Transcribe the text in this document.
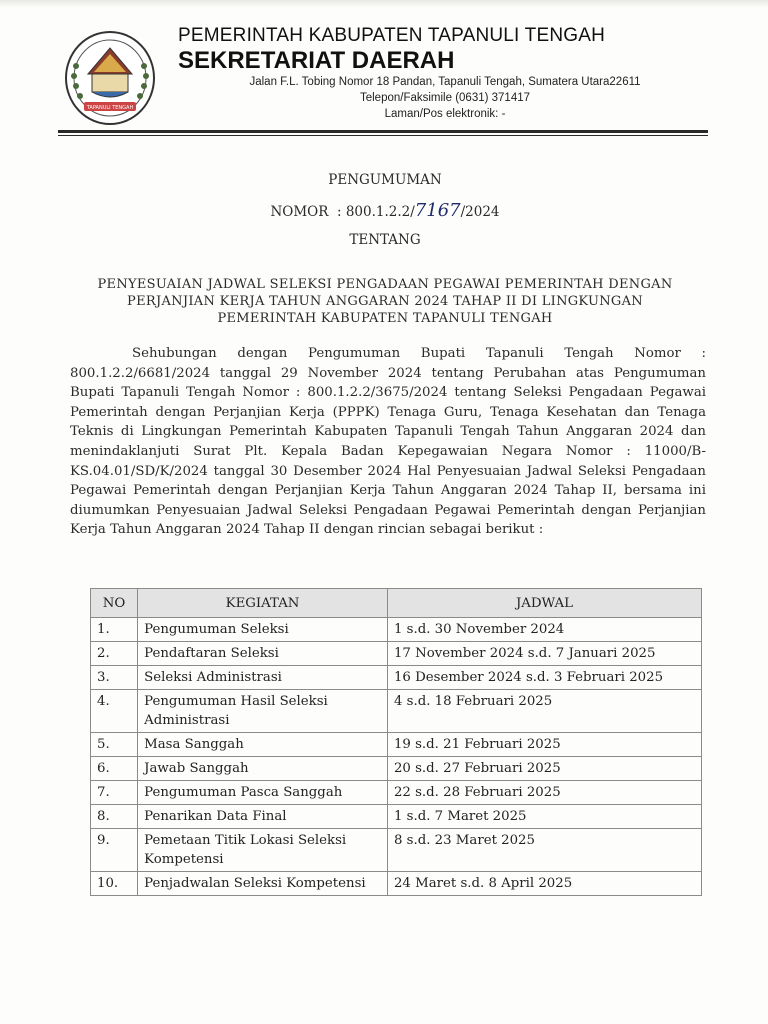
TAPANULI TENGAH
PEMERINTAH KABUPATEN TAPANULI TENGAH
SEKRETARIAT DAERAH
Jalan F.L. Tobing Nomor 18 Pandan, Tapanuli Tengah, Sumatera Utara22611
Telepon/Faksimile (0631) 371417
Laman/Pos elektronik: -
PENGUMUMAN
NOMOR  : 800.1.2.2/7167/2024
TENTANG
PENYESUAIAN JADWAL SELEKSI PENGADAAN PEGAWAI PEMERINTAH DENGAN
PERJANJIAN KERJA TAHUN ANGGARAN 2024 TAHAP II DI LINGKUNGAN
PEMERINTAH KABUPATEN TAPANULI TENGAH
Sehubungan dengan Pengumuman Bupati Tapanuli Tengah Nomor : 800.1.2.2/6681/2024 tanggal 29 November 2024 tentang Perubahan atas Pengumuman Bupati Tapanuli Tengah Nomor : 800.1.2.2/3675/2024 tentang Seleksi Pengadaan Pegawai Pemerintah dengan Perjanjian Kerja (PPPK) Tenaga Guru, Tenaga Kesehatan dan Tenaga Teknis di Lingkungan Pemerintah Kabupaten Tapanuli Tengah Tahun Anggaran 2024 dan menindaklanjuti Surat Plt. Kepala Badan Kepegawaian Negara Nomor : 11000/B-KS.04.01/SD/K/2024 tanggal 30 Desember 2024 Hal Penyesuaian Jadwal Seleksi Pengadaan Pegawai Pemerintah dengan Perjanjian Kerja Tahun Anggaran 2024 Tahap II, bersama ini diumumkan Penyesuaian Jadwal Seleksi Pengadaan Pegawai Pemerintah dengan Perjanjian Kerja Tahun Anggaran 2024 Tahap II dengan rincian sebagai berikut :
NO	KEGIATAN	JADWAL
1.	Pengumuman Seleksi	1 s.d. 30 November 2024
2.	Pendaftaran Seleksi	17 November 2024 s.d. 7 Januari 2025
3.	Seleksi Administrasi	16 Desember 2024 s.d. 3 Februari 2025
4.	Pengumuman Hasil Seleksi Administrasi	4 s.d. 18 Februari 2025
5.	Masa Sanggah	19 s.d. 21 Februari 2025
6.	Jawab Sanggah	20 s.d. 27 Februari 2025
7.	Pengumuman Pasca Sanggah	22 s.d. 28 Februari 2025
8.	Penarikan Data Final	1 s.d. 7 Maret 2025
9.	Pemetaan Titik Lokasi Seleksi Kompetensi	8 s.d. 23 Maret 2025
10.	Penjadwalan Seleksi Kompetensi	24 Maret s.d. 8 April 2025
